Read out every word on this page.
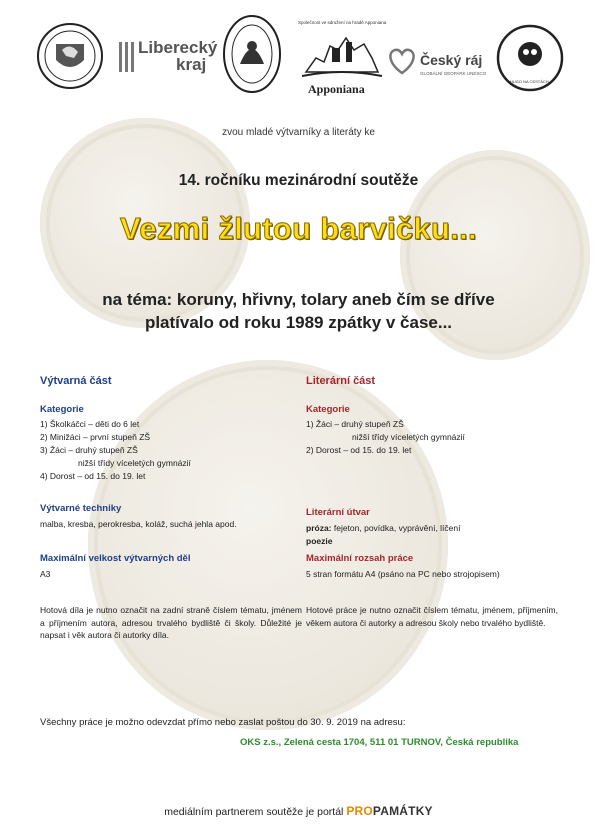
Liberecký
kraj
Společnost ve sdružení na hradě Apponiana
Apponiana
Český ráj
GLOBÁLNÍ GEOPARK UNESCO
HUGO NA CESTÁCH
zvou mladé výtvarníky a literáty ke
14. ročníku mezinárodní soutěže
Vezmi žlutou barvičku...
na téma: koruny, hřivny, tolary aneb čím se dříve
platívalo od roku 1989 zpátky v čase...
Výtvarná část
Kategorie
1) Školkáčci – děti do 6 let
2) Minižáci – první stupeň ZŠ
3) Žáci – druhý stupeň ZŠ
nižší třídy víceletých gymnázií
4) Dorost – od 15. do 19. let
Výtvarné techniky
malba, kresba, perokresba, koláž, suchá jehla apod.
Maximální velkost výtvarných děl
A3
Hotová díla je nutno označit na zadní straně číslem tématu, jménem a příjmením autora, adresou trvalého bydliště či školy. Důležité je napsat i věk autora či autorky díla.
Literární část
Kategorie
1) Žáci – druhý stupeň ZŠ
nižší třídy víceletých gymnázií
2) Dorost – od 15. do 19. let
Literární útvar
próza: fejeton, povídka, vyprávění, líčení
poezie
Maximální rozsah práce
5 stran formátu A4 (psáno na PC nebo strojopisem)
Hotové práce je nutno označit číslem tématu, jménem, příjmením, věkem autora či autorky a adresou školy nebo trvalého bydliště.
Všechny práce je možno odevzdat přímo nebo zaslat poštou do 30. 9. 2019 na adresu:
OKS z.s., Zelená cesta 1704, 511 01 TURNOV, Česká republika
mediálním partnerem soutěže je portál PROPAMÁTKY
